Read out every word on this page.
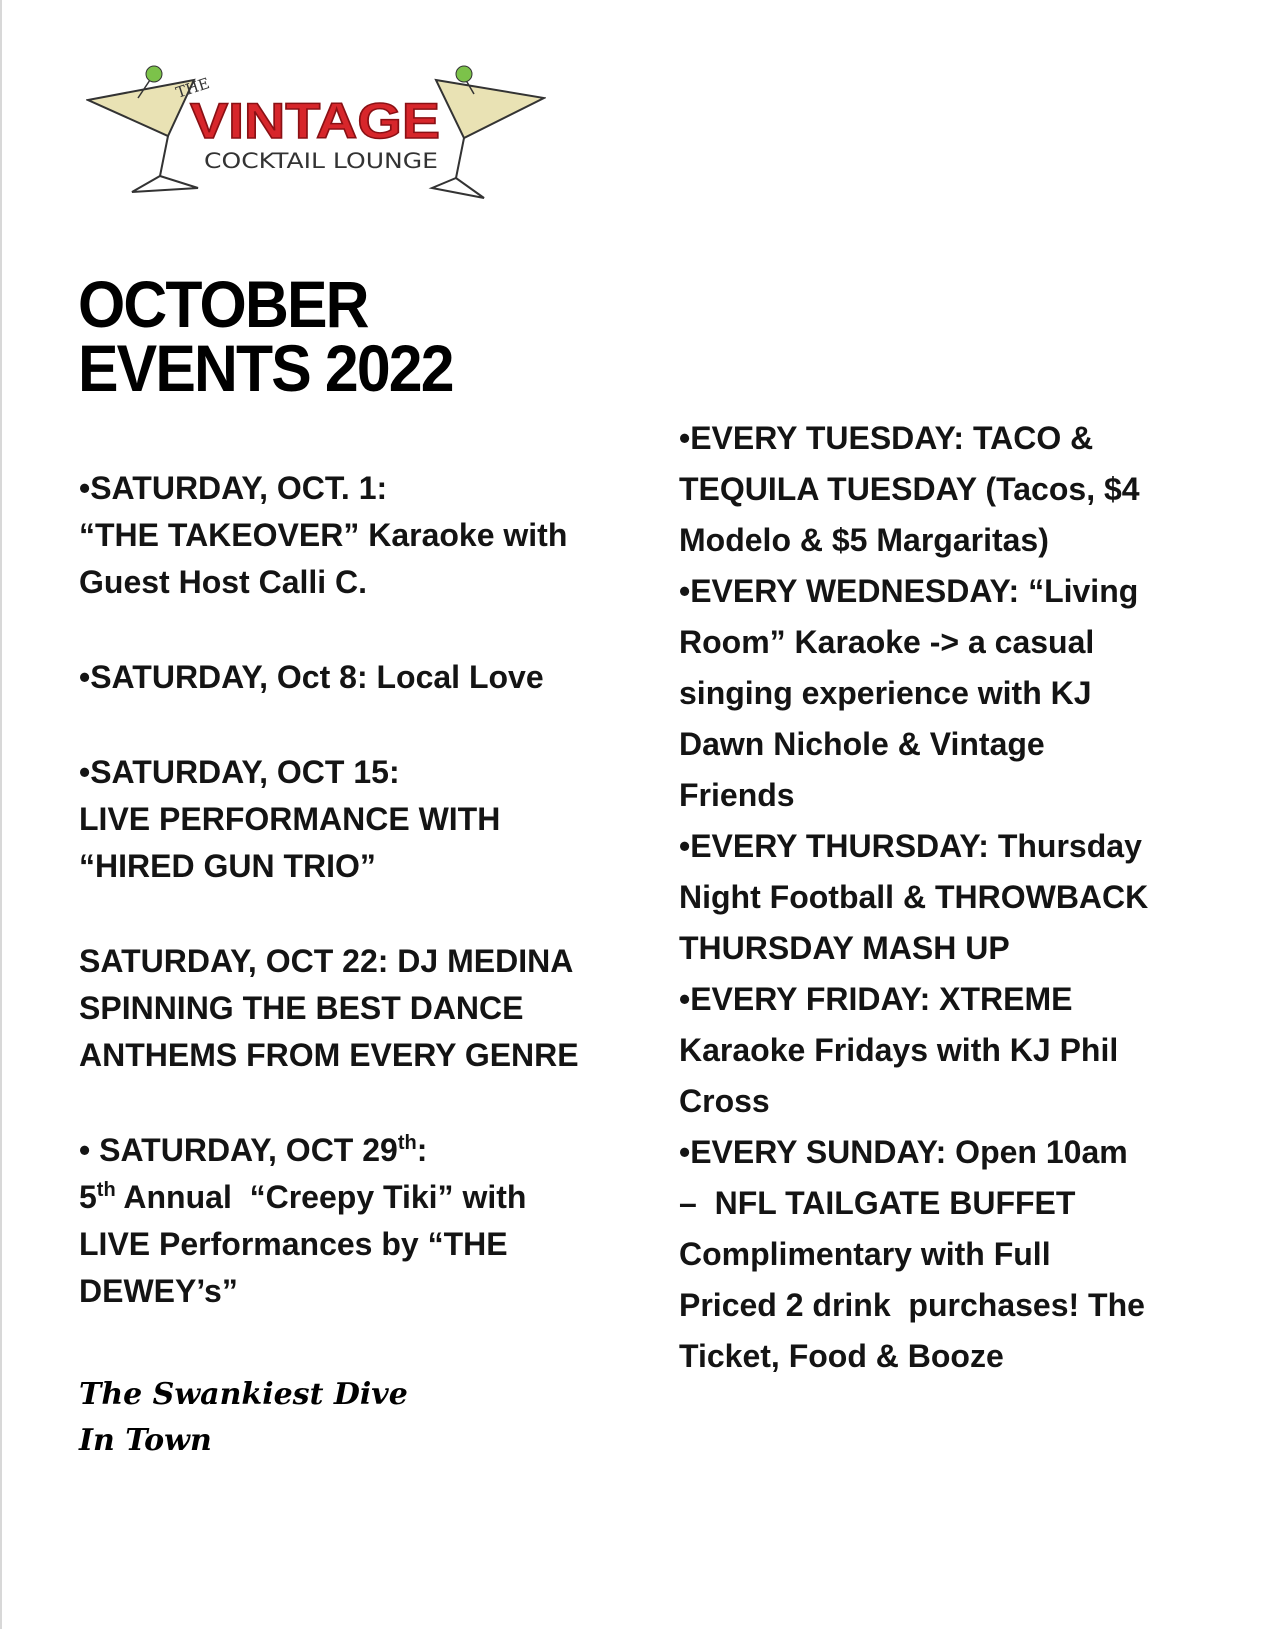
THE
VINTAGE
COCKTAIL LOUNGE
OCTOBER
EVENTS 2022
•SATURDAY, OCT. 1:
“THE TAKEOVER” Karaoke with
Guest Host Calli C.
•SATURDAY, Oct 8: Local Love
•SATURDAY, OCT 15:
LIVE PERFORMANCE WITH
“HIRED GUN TRIO”
SATURDAY, OCT 22: DJ MEDINA
SPINNING THE BEST DANCE
ANTHEMS FROM EVERY GENRE
• SATURDAY, OCT 29th:
5th Annual  “Creepy Tiki” with
LIVE Performances by “THE
DEWEY’s”
•EVERY TUESDAY: TACO &
TEQUILA TUESDAY (Tacos, $4
Modelo & $5 Margaritas)
•EVERY WEDNESDAY: “Living
Room” Karaoke -> a casual
singing experience with KJ
Dawn Nichole & Vintage
Friends
•EVERY THURSDAY: Thursday
Night Football & THROWBACK
THURSDAY MASH UP
•EVERY FRIDAY: XTREME
Karaoke Fridays with KJ Phil
Cross
•EVERY SUNDAY: Open 10am
–  NFL TAILGATE BUFFET
Complimentary with Full
Priced 2 drink  purchases! The
Ticket, Food & Booze
The Swankiest Dive
In Town
